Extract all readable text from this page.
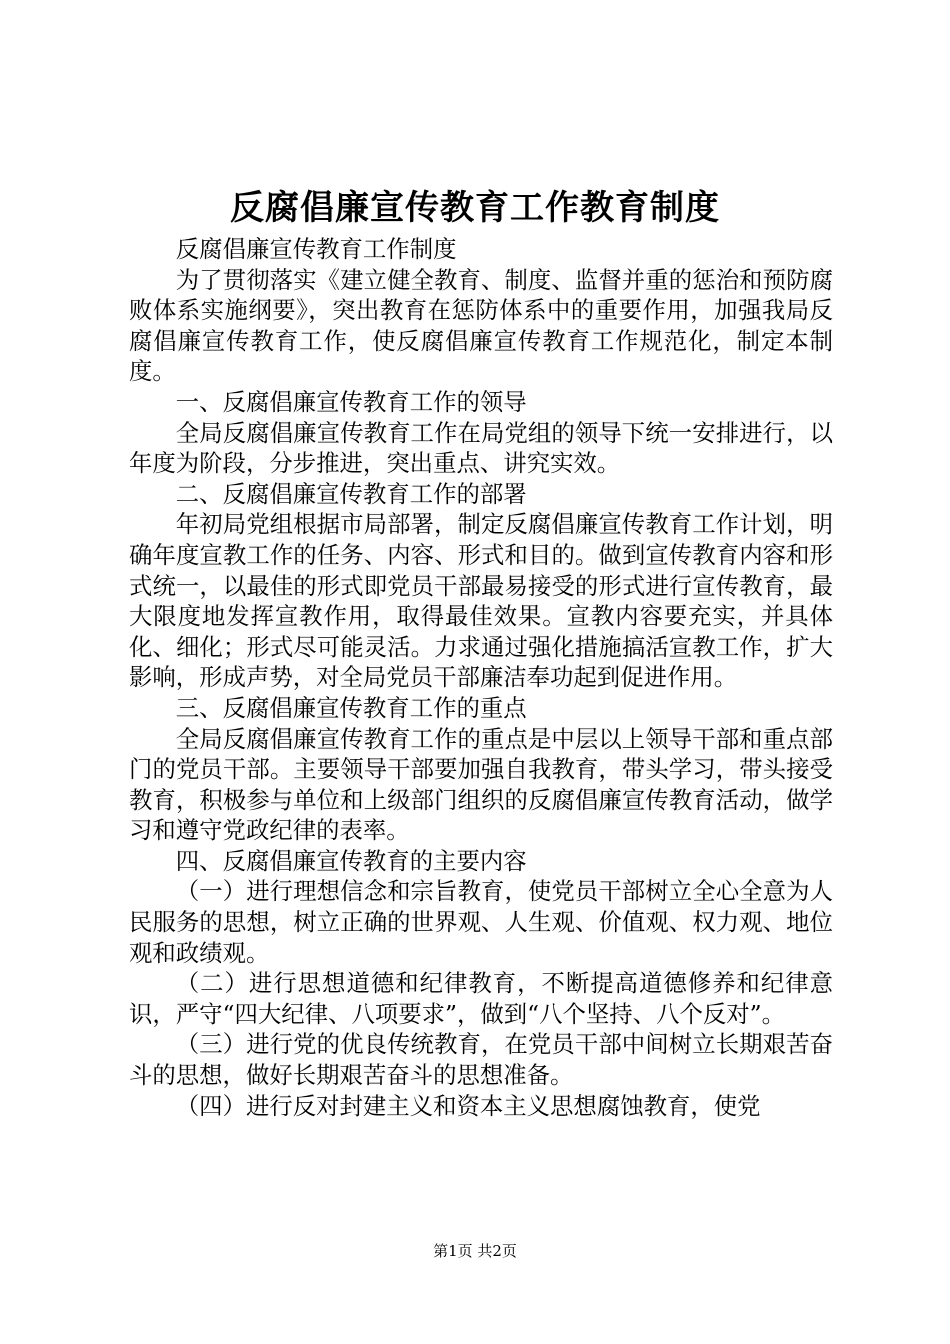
反腐倡廉宣传教育工作教育制度

反腐倡廉宣传教育工作制度

为了贯彻落实《建立健全教育、制度、监督并重的惩治和预防腐败体系实施纲要》，突出教育在惩防体系中的重要作用，加强我局反腐倡廉宣传教育工作，使反腐倡廉宣传教育工作规范化，制定本制度。

一、反腐倡廉宣传教育工作的领导

全局反腐倡廉宣传教育工作在局党组的领导下统一安排进行，以年度为阶段，分步推进，突出重点、讲究实效。

二、反腐倡廉宣传教育工作的部署

年初局党组根据市局部署，制定反腐倡廉宣传教育工作计划，明确年度宣教工作的任务、内容、形式和目的。做到宣传教育内容和形式统一，以最佳的形式即党员干部最易接受的形式进行宣传教育，最大限度地发挥宣教作用，取得最佳效果。宣教内容要充实，并具体化、细化；形式尽可能灵活。力求通过强化措施搞活宣教工作，扩大影响，形成声势，对全局党员干部廉洁奉功起到促进作用。

三、反腐倡廉宣传教育工作的重点

全局反腐倡廉宣传教育工作的重点是中层以上领导干部和重点部门的党员干部。主要领导干部要加强自我教育，带头学习，带头接受教育，积极参与单位和上级部门组织的反腐倡廉宣传教育活动，做学习和遵守党政纪律的表率。

四、反腐倡廉宣传教育的主要内容

（一）进行理想信念和宗旨教育，使党员干部树立全心全意为人民服务的思想，树立正确的世界观、人生观、价值观、权力观、地位观和政绩观。

（二）进行思想道德和纪律教育，不断提高道德修养和纪律意识，严守“四大纪律、八项要求”，做到“八个坚持、八个反对”。

（三）进行党的优良传统教育，在党员干部中间树立长期艰苦奋斗的思想，做好长期艰苦奋斗的思想准备。

（四）进行反对封建主义和资本主义思想腐蚀教育，使党

第1页 共2页
